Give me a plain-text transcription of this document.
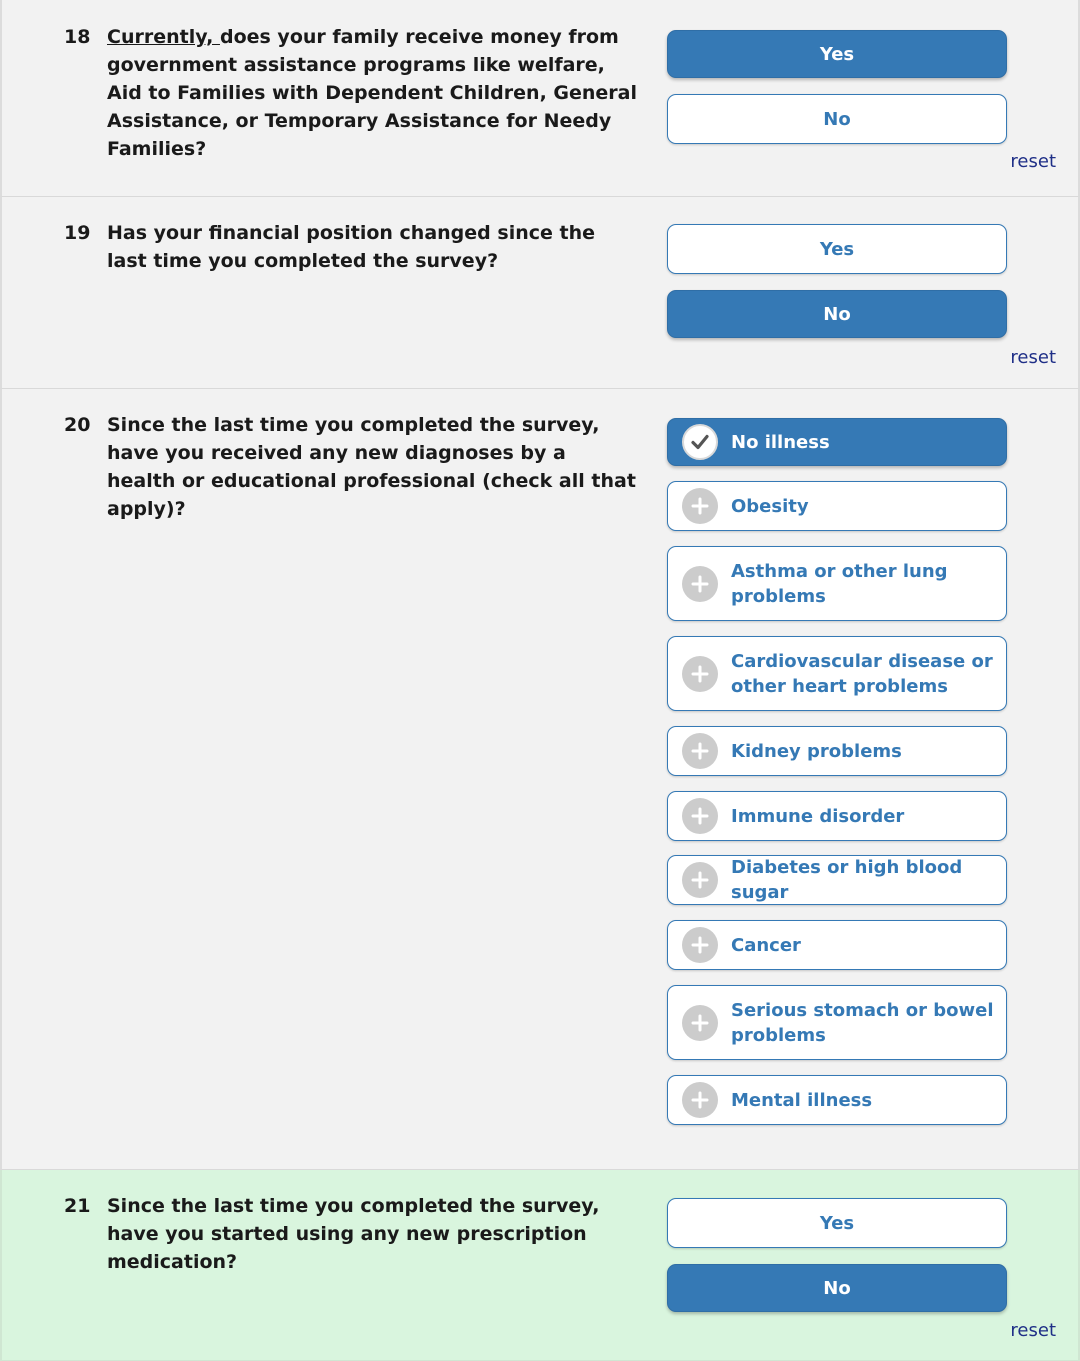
18 Currently, does your family receive money from government assistance programs like welfare, Aid to Families with Dependent Children, General Assistance, or Temporary Assistance for Needy Families?
Yes
No
reset
19 Has your financial position changed since the last time you completed the survey?
Yes
No
reset
20 Since the last time you completed the survey, have you received any new diagnoses by a health or educational professional (check all that apply)?
No illness
Obesity
Asthma or other lung problems
Cardiovascular disease or other heart problems
Kidney problems
Immune disorder
Diabetes or high blood sugar
Cancer
Serious stomach or bowel problems
Mental illness
21 Since the last time you completed the survey, have you started using any new prescription medication?
Yes
No
reset
